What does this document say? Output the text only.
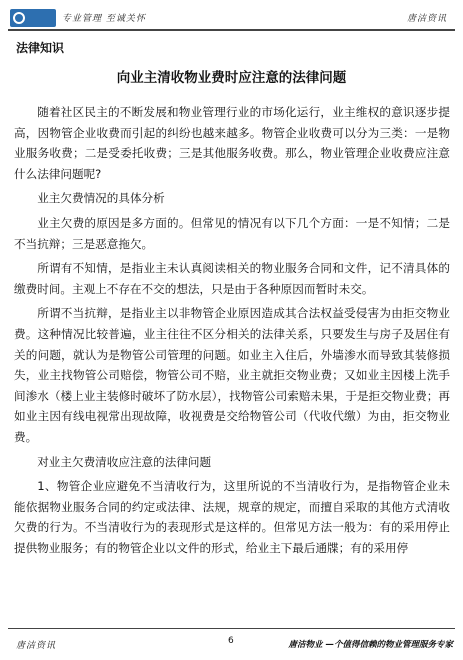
专业管理 至诚关怀	唐洁资讯
法律知识
向业主清收物业费时应注意的法律问题

随着社区民主的不断发展和物业管理行业的市场化运行，业主维权的意识逐步提高，因物管企业收费而引起的纠纷也越来越多。物管企业收费可以分为三类：一是物业服务收费；二是受委托收费；三是其他服务收费。那么，物业管理企业收费应注意什么法律问题呢?

业主欠费情况的具体分析

业主欠费的原因是多方面的。但常见的情况有以下几个方面：一是不知情；二是不当抗辩；三是恶意拖欠。

所谓有不知情，是指业主未认真阅读相关的物业服务合同和文件，记不清具体的缴费时间。主观上不存在不交的想法，只是由于各种原因而暂时未交。

所谓不当抗辩，是指业主以非物管企业原因造成其合法权益受侵害为由拒交物业费。这种情况比较普遍，业主往往不区分相关的法律关系，只要发生与房子及居住有关的问题，就认为是物管公司管理的问题。如业主入住后，外墙渗水而导致其装修损失，业主找物管公司赔偿，物管公司不赔，业主就拒交物业费；又如业主因楼上洗手间渗水（楼上业主装修时破坏了防水层），找物管公司索赔未果，于是拒交物业费；再如业主因有线电视常出现故障，收视费是交给物管公司（代收代缴）为由，拒交物业费。

对业主欠费清收应注意的法律问题

1、物管企业应避免不当清收行为，这里所说的不当清收行为，是指物管企业未能依据物业服务合同的约定或法律、法规，规章的规定，而擅自采取的其他方式清收欠费的行为。不当清收行为的表现形式是这样的。但常见方法一般为：有的采用停止提供物业服务；有的物管企业以文件的形式，给业主下最后通牒；有的采用停

唐洁资讯	6	唐洁物业 —个值得信赖的物业管理服务专家
